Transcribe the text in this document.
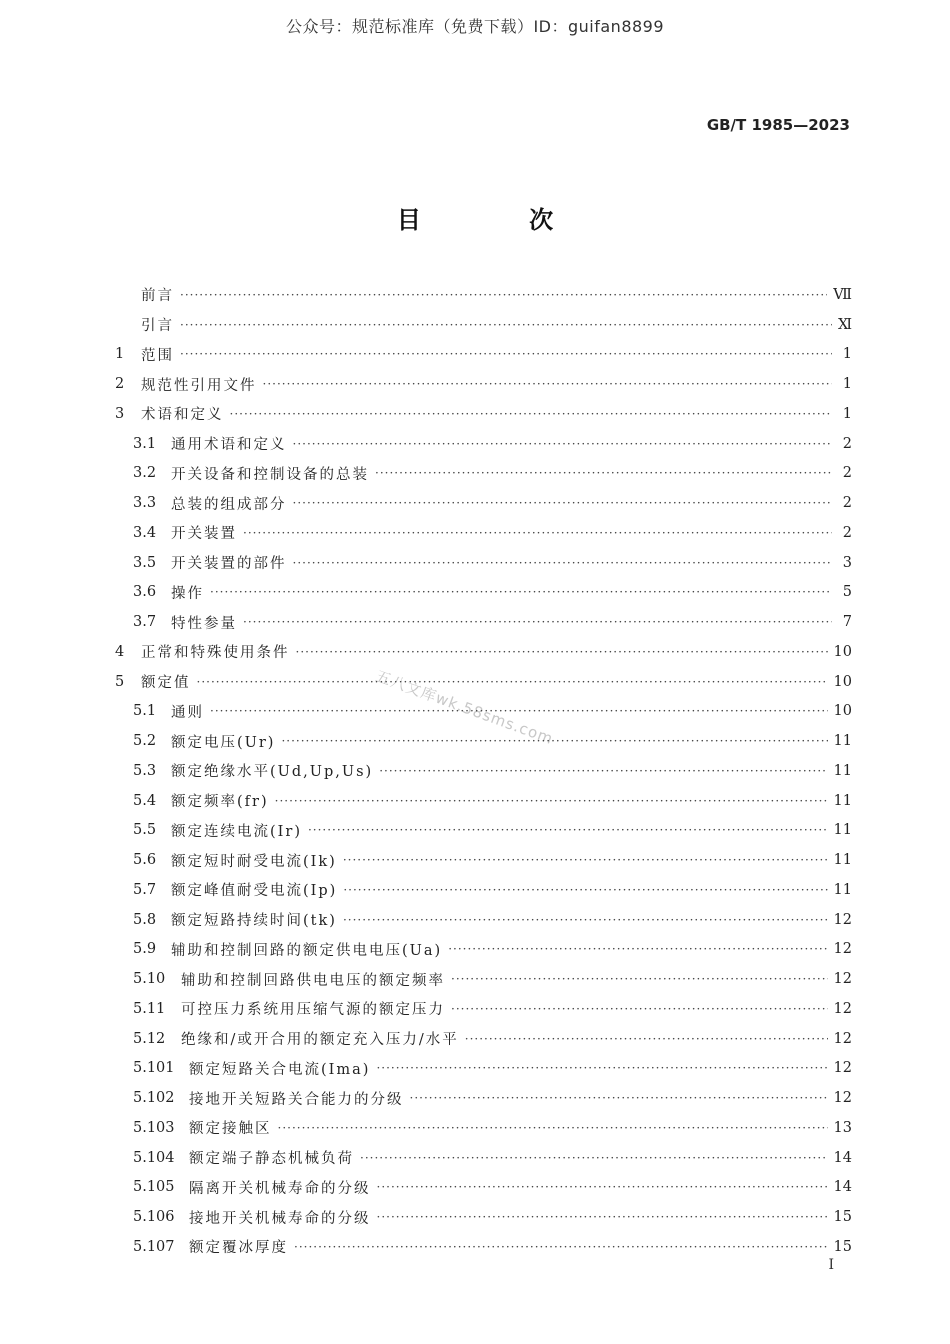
公众号：规范标准库（免费下载）ID：guifan8899
GB/T 1985—2023
目 次
五八文库wk.58sms.com
前言 ·····	Ⅶ
引言 ·····	Ⅺ
1	范围 ·····	1
2	规范性引用文件 ·····	1
3	术语和定义 ·····	1
3.1	通用术语和定义 ·····	2
3.2	开关设备和控制设备的总装 ·····	2
3.3	总装的组成部分 ·····	2
3.4	开关装置 ·····	2
3.5	开关装置的部件 ·····	3
3.6	操作 ·····	5
3.7	特性参量 ·····	7
4	正常和特殊使用条件 ·····	10
5	额定值 ·····	10
5.1	通则 ·····	10
5.2	额定电压(Ur) ·····	11
5.3	额定绝缘水平(Ud,Up,Us) ·····	11
5.4	额定频率(fr) ·····	11
5.5	额定连续电流(Ir) ·····	11
5.6	额定短时耐受电流(Ik) ·····	11
5.7	额定峰值耐受电流(Ip) ·····	11
5.8	额定短路持续时间(tk) ·····	12
5.9	辅助和控制回路的额定供电电压(Ua) ·····	12
5.10	辅助和控制回路供电电压的额定频率 ·····	12
5.11	可控压力系统用压缩气源的额定压力 ·····	12
5.12	绝缘和/或开合用的额定充入压力/水平 ·····	12
5.101 额定短路关合电流(Ima) ·····	12
5.102 接地开关短路关合能力的分级 ·····	12
5.103 额定接触区 ·····	13
5.104 额定端子静态机械负荷 ·····	14
5.105 隔离开关机械寿命的分级 ·····	14
5.106 接地开关机械寿命的分级 ·····	15
5.107 额定覆冰厚度 ·····	15
I
